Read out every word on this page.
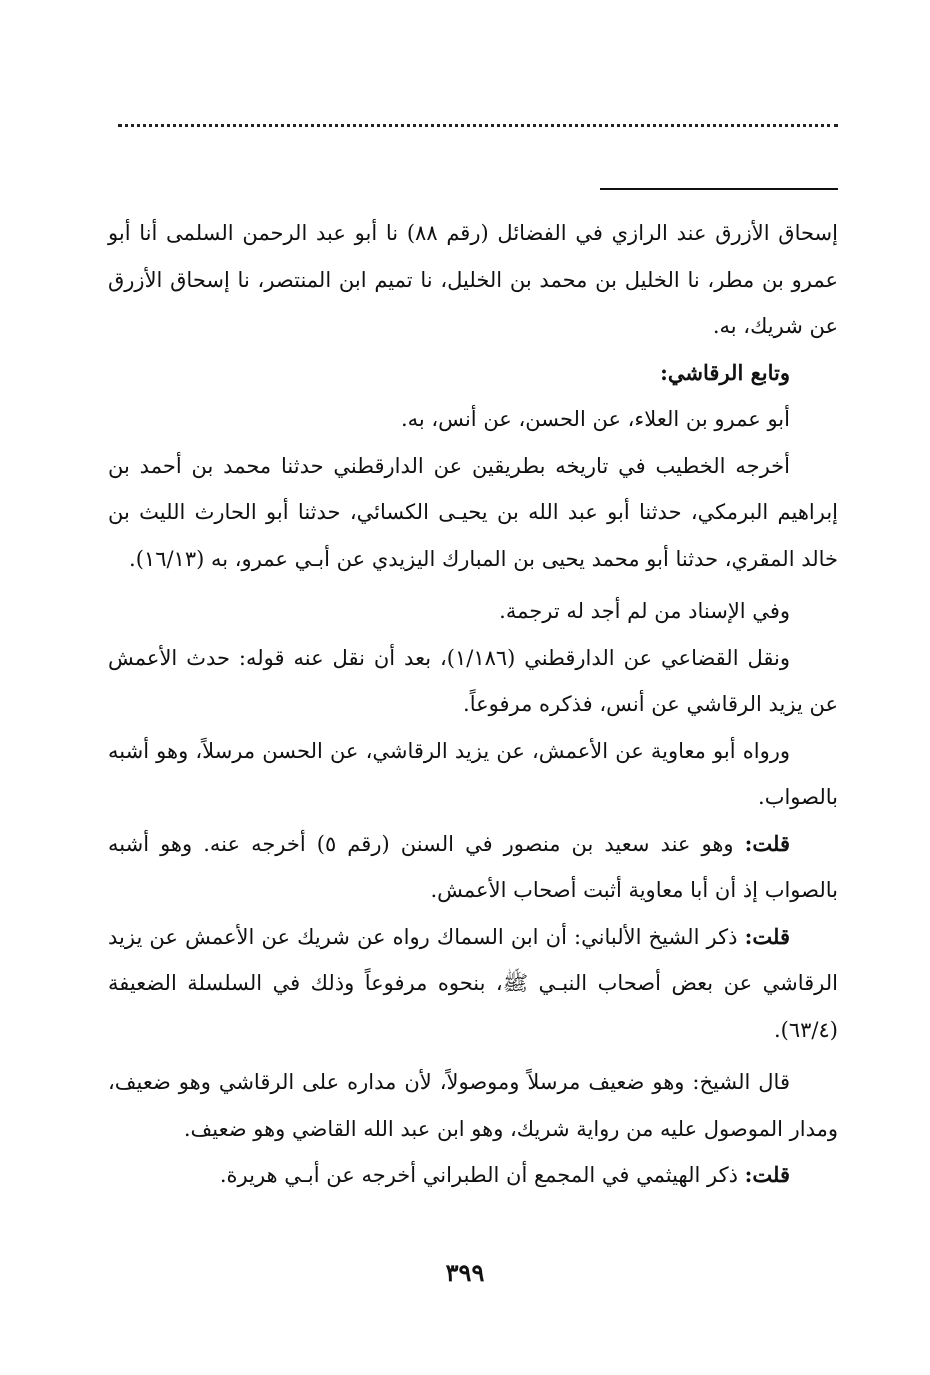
إسحاق الأزرق عند الرازي في الفضائل (رقم ٨٨) نا أبو عبد الرحمن السلمى أنا أبو عمرو بن مطر، نا الخليل بن محمد بن الخليل، نا تميم ابن المنتصر، نا إسحاق الأزرق عن شريك، به.

وتابع الرقاشي:

أبو عمرو بن العلاء، عن الحسن، عن أنس، به.

أخرجه الخطيب في تاريخه بطريقين عن الدارقطني حدثنا محمد بن أحمد بن إبراهيم البرمكي، حدثنا أبو عبد الله بن يحيـى الكسائي، حدثنا أبو الحارث الليث بن خالد المقري، حدثنا أبو محمد يحيى بن المبارك اليزيدي عن أبـي عمرو، به (١٦/١٣).

وفي الإسناد من لم أجد له ترجمة.

ونقل القضاعي عن الدارقطني (١/١٨٦)، بعد أن نقل عنه قوله: حدث الأعمش عن يزيد الرقاشي عن أنس، فذكره مرفوعاً.

ورواه أبو معاوية عن الأعمش، عن يزيد الرقاشي، عن الحسن مرسلاً، وهو أشبه بالصواب.

قلت: وهو عند سعيد بن منصور في السنن (رقم ٥) أخرجه عنه. وهو أشبه بالصواب إذ أن أبا معاوية أثبت أصحاب الأعمش.

قلت: ذكر الشيخ الألباني: أن ابن السماك رواه عن شريك عن الأعمش عن يزيد الرقاشي عن بعض أصحاب النبـي ﷺ، بنحوه مرفوعاً وذلك في السلسلة الضعيفة (٦٣/٤).

قال الشيخ: وهو ضعيف مرسلاً وموصولاً، لأن مداره على الرقاشي وهو ضعيف، ومدار الموصول عليه من رواية شريك، وهو ابن عبد الله القاضي وهو ضعيف.

قلت: ذكر الهيثمي في المجمع أن الطبراني أخرجه عن أبـي هريرة.

٣٩٩
